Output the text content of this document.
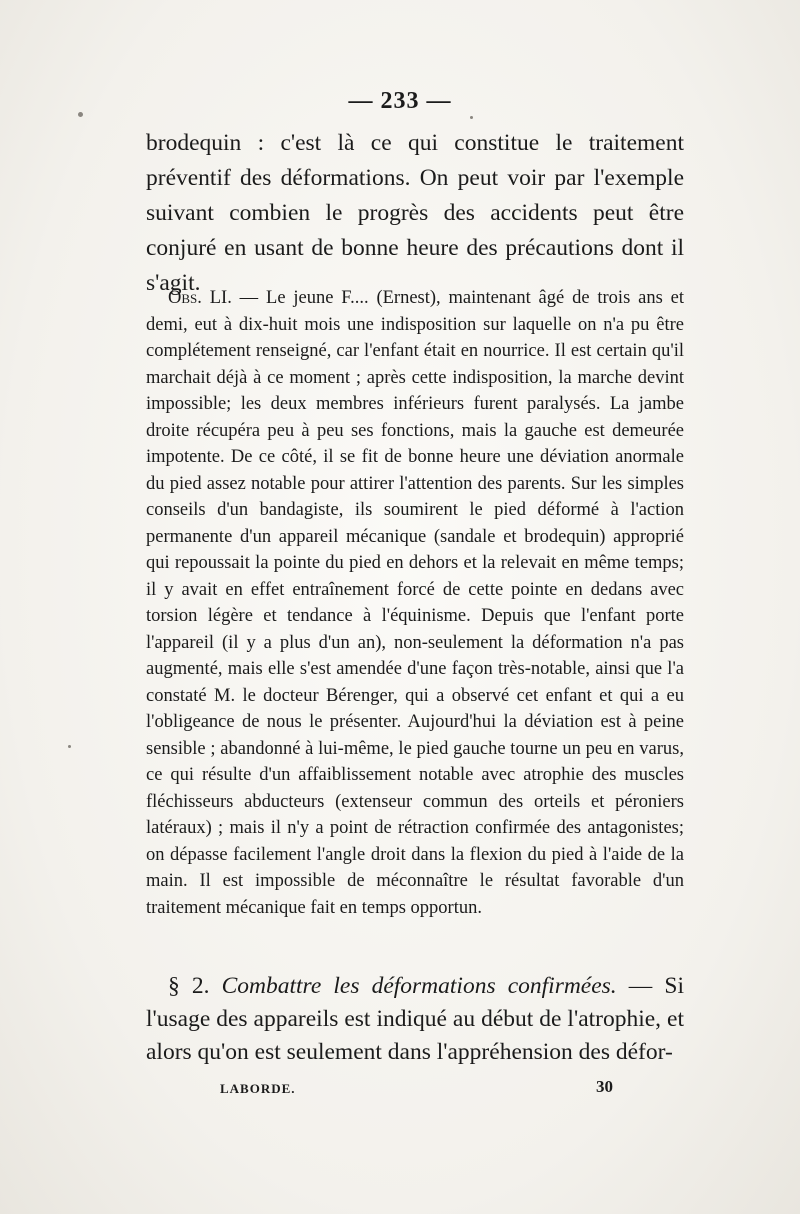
— 233 —
brodequin : c'est là ce qui constitue le traitement préventif des déformations. On peut voir par l'exemple suivant combien le progrès des accidents peut être conjuré en usant de bonne heure des précautions dont il s'agit.
Obs. LI. — Le jeune F.... (Ernest), maintenant âgé de trois ans et demi, eut à dix-huit mois une indisposition sur laquelle on n'a pu être complétement renseigné, car l'enfant était en nourrice. Il est certain qu'il marchait déjà à ce moment ; après cette indisposition, la marche devint impossible; les deux membres inférieurs furent paralysés. La jambe droite récupéra peu à peu ses fonctions, mais la gauche est demeurée impotente. De ce côté, il se fit de bonne heure une déviation anormale du pied assez notable pour attirer l'attention des parents. Sur les simples conseils d'un bandagiste, ils soumirent le pied déformé à l'action permanente d'un appareil mécanique (sandale et brodequin) approprié qui repoussait la pointe du pied en dehors et la relevait en même temps; il y avait en effet entraînement forcé de cette pointe en dedans avec torsion légère et tendance à l'équinisme. Depuis que l'enfant porte l'appareil (il y a plus d'un an), non-seulement la déformation n'a pas augmenté, mais elle s'est amendée d'une façon très-notable, ainsi que l'a constaté M. le docteur Bérenger, qui a observé cet enfant et qui a eu l'obligeance de nous le présenter. Aujourd'hui la déviation est à peine sensible ; abandonné à lui-même, le pied gauche tourne un peu en varus, ce qui résulte d'un affaiblissement notable avec atrophie des muscles fléchisseurs abducteurs (extenseur commun des orteils et péroniers latéraux) ; mais il n'y a point de rétraction confirmée des antagonistes; on dépasse facilement l'angle droit dans la flexion du pied à l'aide de la main. Il est impossible de méconnaître le résultat favorable d'un traitement mécanique fait en temps opportun.
§ 2. Combattre les déformations confirmées. — Si l'usage des appareils est indiqué au début de l'atrophie, et alors qu'on est seulement dans l'appréhension des défor-
LABORDE.	30
